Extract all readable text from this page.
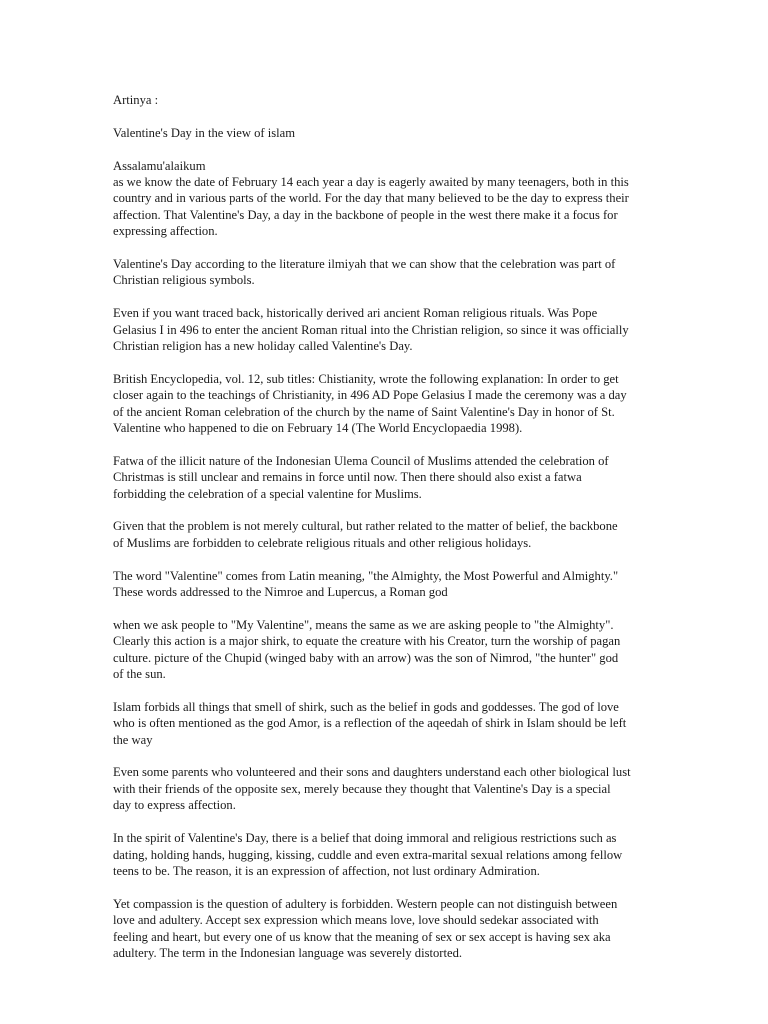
Artinya :
Valentine's Day in the view of islam
Assalamu'alaikum
as we know the date of February 14 each year a day is eagerly awaited by many teenagers, both in this
country and in various parts of the world. For the day that many believed to be the day to express their
affection. That Valentine's Day, a day in the backbone of people in the west there make it a focus for
expressing affection.
Valentine's Day according to the literature ilmiyah that we can show that the celebration was part of
Christian religious symbols.
Even if you want traced back, historically derived ari ancient Roman religious rituals. Was Pope
Gelasius I in 496 to enter the ancient Roman ritual into the Christian religion, so since it was officially
Christian religion has a new holiday called Valentine's Day.
British Encyclopedia, vol. 12, sub titles: Chistianity, wrote the following explanation: In order to get
closer again to the teachings of Christianity, in 496 AD Pope Gelasius I made the ceremony was a day
of the ancient Roman celebration of the church by the name of Saint Valentine's Day in honor of St.
Valentine who happened to die on February 14 (The World Encyclopaedia 1998).
Fatwa of the illicit nature of the Indonesian Ulema Council of Muslims attended the celebration of
Christmas is still unclear and remains in force until now. Then there should also exist a fatwa
forbidding the celebration of a special valentine for Muslims.
Given that the problem is not merely cultural, but rather related to the matter of belief, the backbone
of Muslims are forbidden to celebrate religious rituals and other religious holidays.
The word "Valentine" comes from Latin meaning, "the Almighty, the Most Powerful and Almighty."
These words addressed to the Nimroe and Lupercus, a Roman god
when we ask people to "My Valentine", means the same as we are asking people to "the Almighty".
Clearly this action is a major shirk, to equate the creature with his Creator, turn the worship of pagan
culture. picture of the Chupid (winged baby with an arrow) was the son of Nimrod, "the hunter" god
of the sun.
Islam forbids all things that smell of shirk, such as the belief in gods and goddesses. The god of love
who is often mentioned as the god Amor, is a reflection of the aqeedah of shirk in Islam should be left
the way
Even some parents who volunteered and their sons and daughters understand each other biological lust
with their friends of the opposite sex, merely because they thought that Valentine's Day is a special
day to express affection.
In the spirit of Valentine's Day, there is a belief that doing immoral and religious restrictions such as
dating, holding hands, hugging, kissing, cuddle and even extra-marital sexual relations among fellow
teens to be. The reason, it is an expression of affection, not lust ordinary Admiration.
Yet compassion is the question of adultery is forbidden. Western people can not distinguish between
love and adultery. Accept sex expression which means love, love should sedekar associated with
feeling and heart, but every one of us know that the meaning of sex or sex accept is having sex aka
adultery. The term in the Indonesian language was severely distorted.
